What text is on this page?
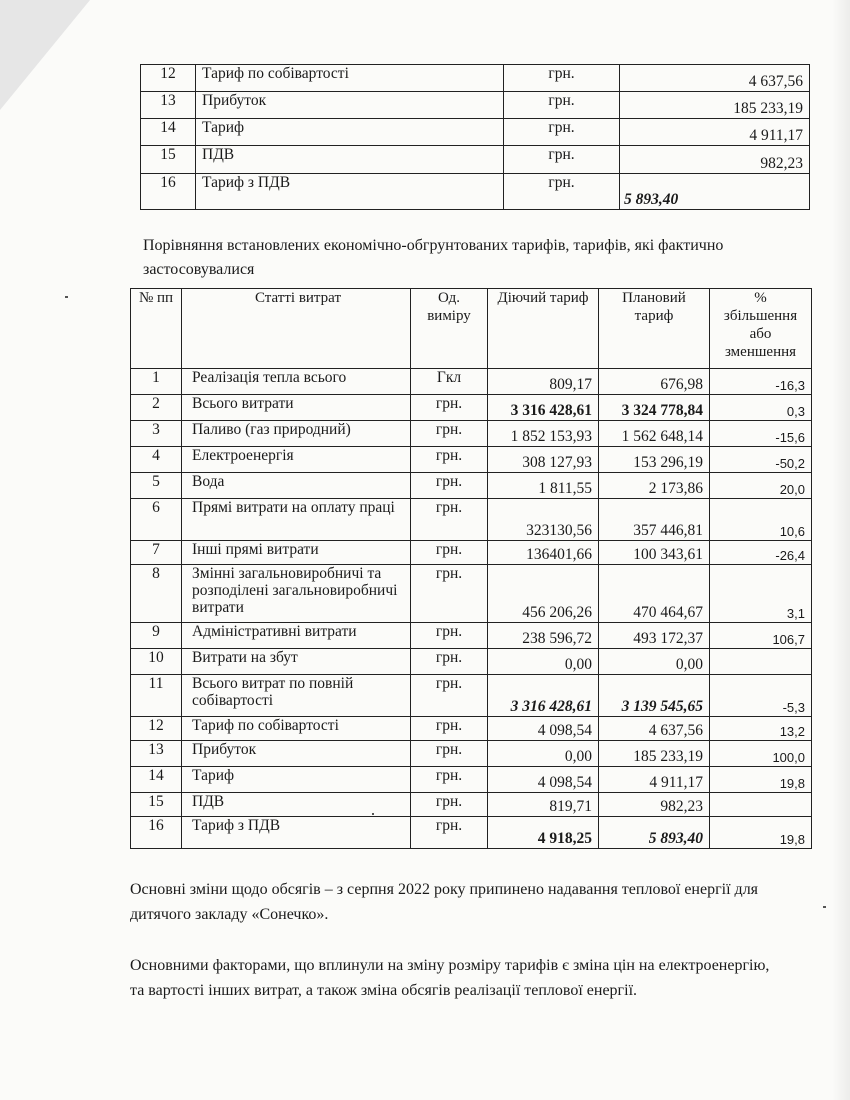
12	Тариф по собівартості	грн.	4 637,56
13	Прибуток	грн.	185 233,19
14	Тариф	грн.	4 911,17
15	ПДВ	грн.	982,23
16	Тариф з ПДВ	грн.	5 893,40
Порівняння встановлених економічно-обгрунтованих тарифів, тарифів, які фактично застосовувалися
№ пп	Статті витрат	Од. виміру	Діючий тариф	Плановий тариф	% збільшення або зменшення
1	Реалізація тепла всього	Гкл	809,17	676,98	-16,3
2	Всього витрати	грн.	3 316 428,61	3 324 778,84	0,3
3	Паливо (газ природний)	грн.	1 852 153,93	1 562 648,14	-15,6
4	Електроенергія	грн.	308 127,93	153 296,19	-50,2
5	Вода	грн.	1 811,55	2 173,86	20,0
6	Прямі витрати на оплату праці	грн.	323130,56	357 446,81	10,6
7	Інші прямі витрати	грн.	136401,66	100 343,61	-26,4
8	Змінні загальновиробничі та розподілені загальновиробничі витрати	грн.	456 206,26	470 464,67	3,1
9	Адміністративні витрати	грн.	238 596,72	493 172,37	106,7
10	Витрати на збут	грн.	0,00	0,00	
11	Всього витрат по повній собівартості	грн.	3 316 428,61	3 139 545,65	-5,3
12	Тариф по собівартості	грн.	4 098,54	4 637,56	13,2
13	Прибуток	грн.	0,00	185 233,19	100,0
14	Тариф	грн.	4 098,54	4 911,17	19,8
15	ПДВ	грн.	819,71	982,23	
16	Тариф з ПДВ	грн.	4 918,25	5 893,40	19,8
Основні зміни щодо обсягів – з серпня 2022 року припинено надавання теплової енергії для дитячого закладу «Сонечко».
Основними факторами, що вплинули на зміну розміру тарифів є зміна цін на електроенергію, та вартості інших витрат, а також зміна обсягів реалізації теплової енергії.
